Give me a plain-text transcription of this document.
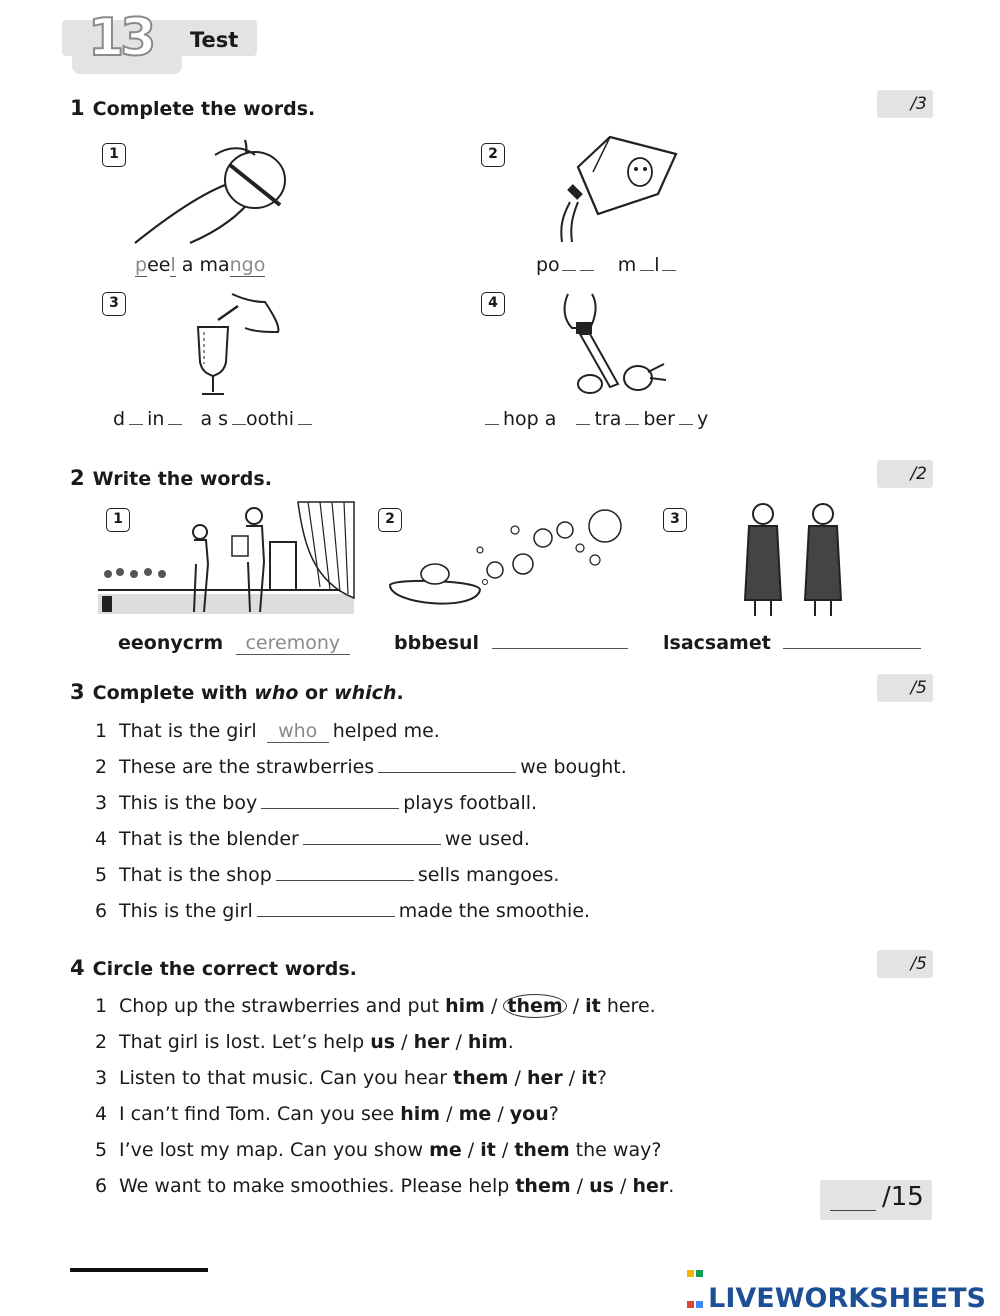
13 Test
1 Complete the words.	/3
1
peel a mango
2
po	m l
3
d in a s oothi
4
hop a tra ber y
2 Write the words.	/2
1
eeonycrm ceremony
2
bbbesul
3
lsacsamet
3 Complete with who or which.	/5
1 That is the girl who helped me.
2 These are the strawberries	we bought.
3 This is the boy	plays football.
4 That is the blender	we used.
5 That is the shop	sells mangoes.
6 This is the girl	made the smoothie.
4 Circle the correct words.	/5
1 Chop up the strawberries and put him / them / it here.
2 That girl is lost. Let’s help us / her / him.
3 Listen to that music. Can you hear them / her / it?
4 I can’t find Tom. Can you see him / me / you?
5 I’ve lost my map. Can you show me / it / them the way?
6 We want to make smoothies. Please help them / us / her.	/15

LIVEWORKSHEETS
